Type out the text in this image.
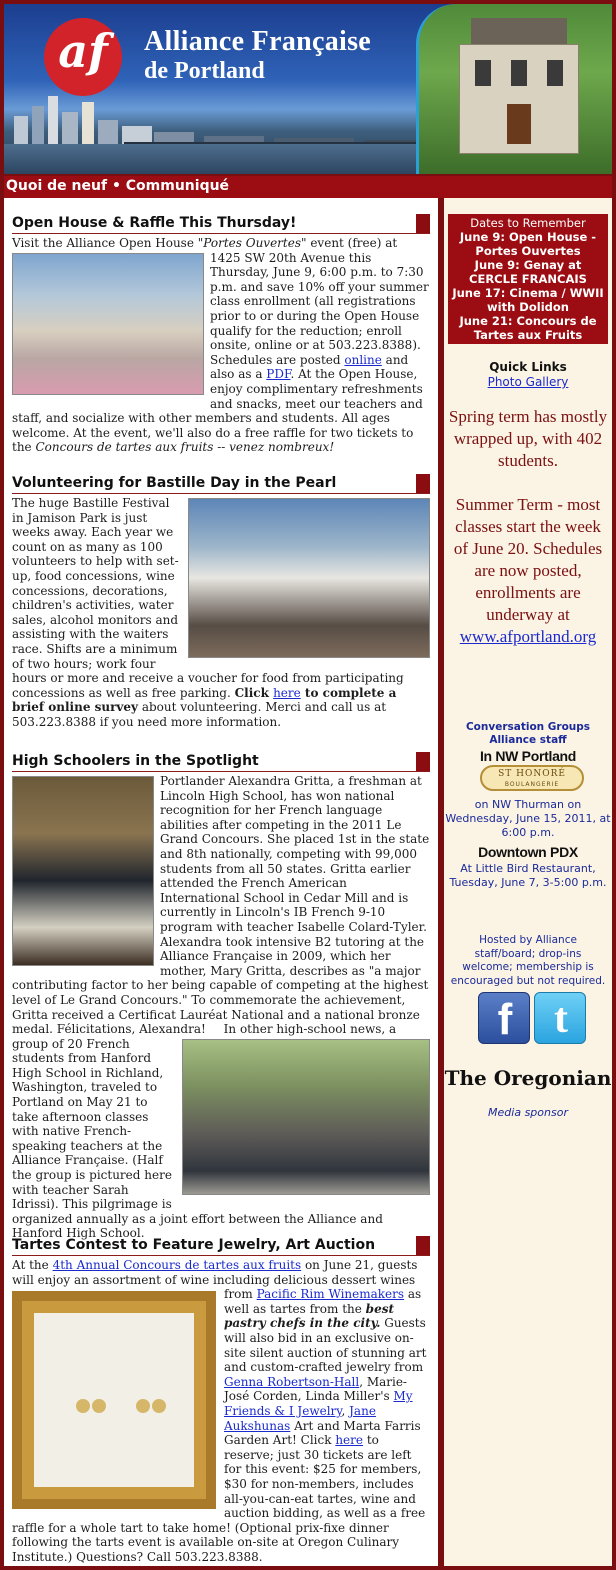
af	Alliance Française
de Portland
Quoi de neuf • Communiqué
Open House & Raffle This Thursday!
Visit the Alliance Open House "Portes Ouvertes
" event (free) at 1425 SW 20th Avenue this Thursday, June 9, 6:00 p.m. to 7:30 p.m. and save 10% off your summer class enrollment (all registrations prior to or during the Open House qualify for the reduction; enroll onsite, online or at 503.223.8388). Schedules are posted online and also as a PDF. At the Open House, enjoy complimentary refreshments and snacks, meet our teachers and staff, and socialize with other members and students. All ages welcome. At the event, we'll also do a free raffle for two tickets to the Concours de tartes aux fruits -- venez nombreux!
Volunteering for Bastille Day in the Pearl
The huge Bastille Festival in Jamison Park is just weeks away. Each year we count on as many as 100 volunteers to help with set-up, food concessions, wine concessions, decorations, children's activities, water sales, alcohol monitors and assisting with the waiters race. Shifts are a minimum of two hours; work four hours or more and receive a voucher for food from participating concessions as well as free parking. Click here to complete a brief online survey about volunteering. Merci and call us at 503.223.8388 if you need more information.
High Schoolers in the Spotlight
Portlander Alexandra Gritta, a freshman at Lincoln High School, has won national recognition for her French language abilities after competing in the 2011 Le Grand Concours. She placed 1st in the state and 8th nationally, competing with 99,000 students from all 50 states. Gritta earlier attended the French American International School in Cedar Mill and is currently in Lincoln's IB French 9-10 program with teacher Isabelle Colard-Tyler. Alexandra took intensive B2 tutoring at the Alliance Française in 2009, which her mother, Mary Gritta, describes as "a major contributing factor to her being capable of competing at the highest level of Le Grand Concours." To commemorate the achievement, Gritta received a Certificat Lauréat National and a national bronze medal. Félicitations, Alexandra! In other high-school news, a group of 20 French students from Hanford High School in Richland, Washington, traveled to Portland on May 21 to take afternoon classes with native French-speaking teachers at the Alliance Française. (Half the group is pictured here with teacher Sarah Idrissi). This pilgrimage is organized annually as a joint effort between the Alliance and Hanford High School.
Tartes Contest to Feature Jewelry, Art Auction
At the 4th Annual Concours de tartes aux fruits on June 21, guests will enjoy an assortment of wine including delicious dessert wines from
Pacific Rim Winemakers as well as tartes from the best pastry chefs in the city. Guests will also bid in an exclusive on-site silent auction of stunning art and custom-crafted jewelry from Genna Robertson-Hall, Marie-José Corden, Linda Miller's My Friends & I Jewelry, Jane Aukshunas Art and Marta Farris Garden Art! Click here to reserve; just 30 tickets are left for this event: $25 for members, $30 for non-members, includes all-you-can-eat tartes, wine and auction bidding, as well as a free raffle for a whole tart to take home! (Optional prix-fixe dinner following the tarts event is available on-site at Oregon Culinary Institute.) Questions? Call 503.223.8388.
Dates to Remember
June 9: Open House - Portes Ouvertes
June 9: Genay at CERCLE FRANCAIS
June 17: Cinema / WWII with Dolidon
June 21: Concours de Tartes aux Fruits
Quick Links
Photo Gallery
Spring term has mostly wrapped up, with 402 students.
Summer Term - most classes start the week of June 20. Schedules are now posted, enrollments are underway at www.afportland.org
Conversation Groups
Alliance staff
In NW Portland
ST HONORÉ
BOULANGERIE
on NW Thurman on Wednesday, June 15, 2011, at 6:00 p.m.
Downtown PDX
At Little Bird Restaurant, Tuesday, June 7, 3-5:00 p.m.
Hosted by Alliance staff/board; drop-ins welcome; membership is encouraged but not required.
f t
The Oregonian
Media sponsor
